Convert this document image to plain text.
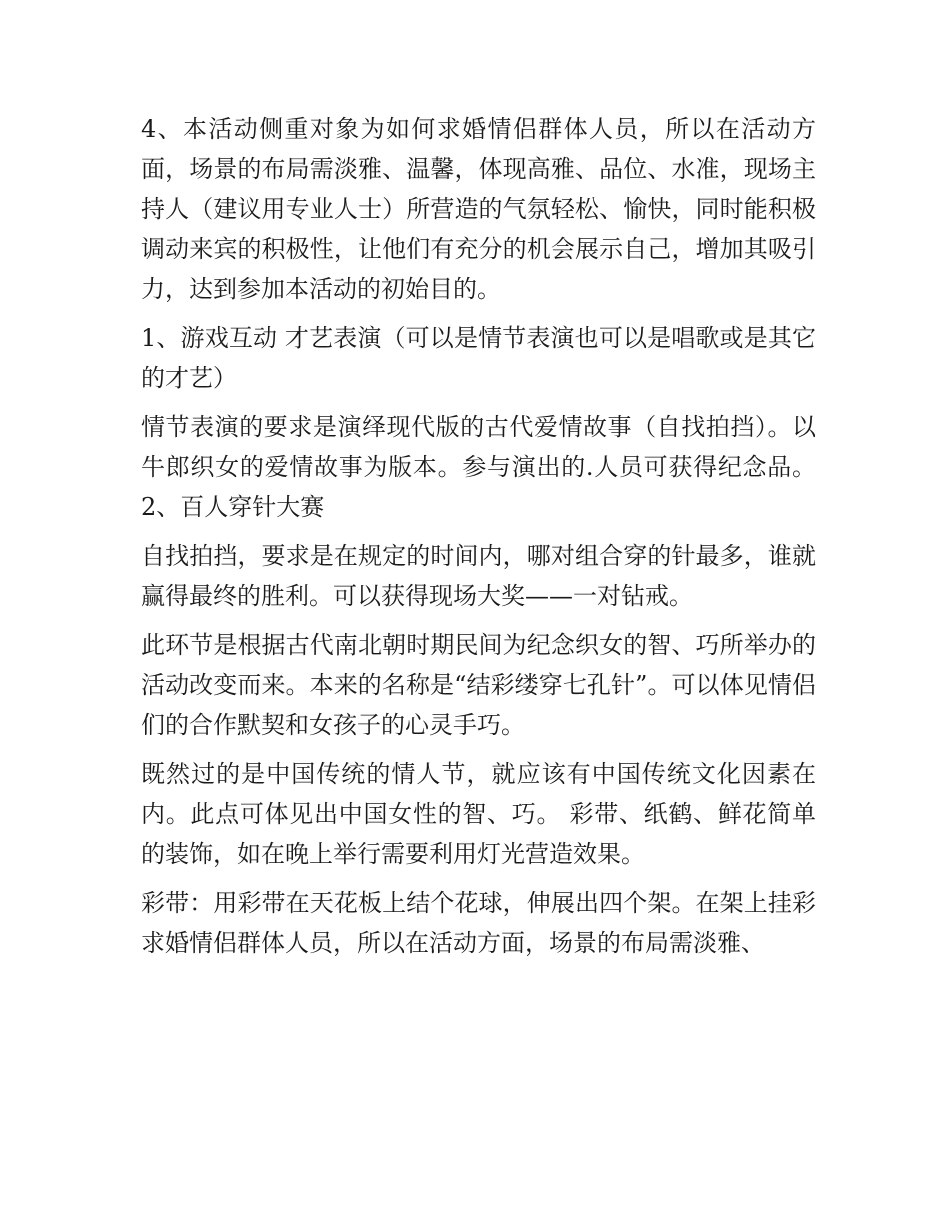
4、本活动侧重对象为如何求婚情侣群体人员，所以在活动方面，场景的布局需淡雅、温馨，体现高雅、品位、水准，现场主持人（建议用专业人士）所营造的气氛轻松、愉快，同时能积极调动来宾的积极性，让他们有充分的机会展示自己，增加其吸引力，达到参加本活动的初始目的。

1、游戏互动 才艺表演（可以是情节表演也可以是唱歌或是其它的才艺）

情节表演的要求是演绎现代版的古代爱情故事（自找拍挡）。以牛郎织女的爱情故事为版本。参与演出的.人员可获得纪念品。 2、百人穿针大赛

自找拍挡，要求是在规定的时间内，哪对组合穿的针最多，谁就赢得最终的胜利。可以获得现场大奖——一对钻戒。

此环节是根据古代南北朝时期民间为纪念织女的智、巧所举办的活动改变而来。本来的名称是“结彩缕穿七孔针”。可以体见情侣们的合作默契和女孩子的心灵手巧。

既然过的是中国传统的情人节，就应该有中国传统文化因素在内。此点可体见出中国女性的智、巧。 彩带、纸鹤、鲜花简单的装饰，如在晚上举行需要利用灯光营造效果。

彩带：用彩带在天花板上结个花球，伸展出四个架。在架上挂彩求婚情侣群体人员，所以在活动方面，场景的布局需淡雅、
